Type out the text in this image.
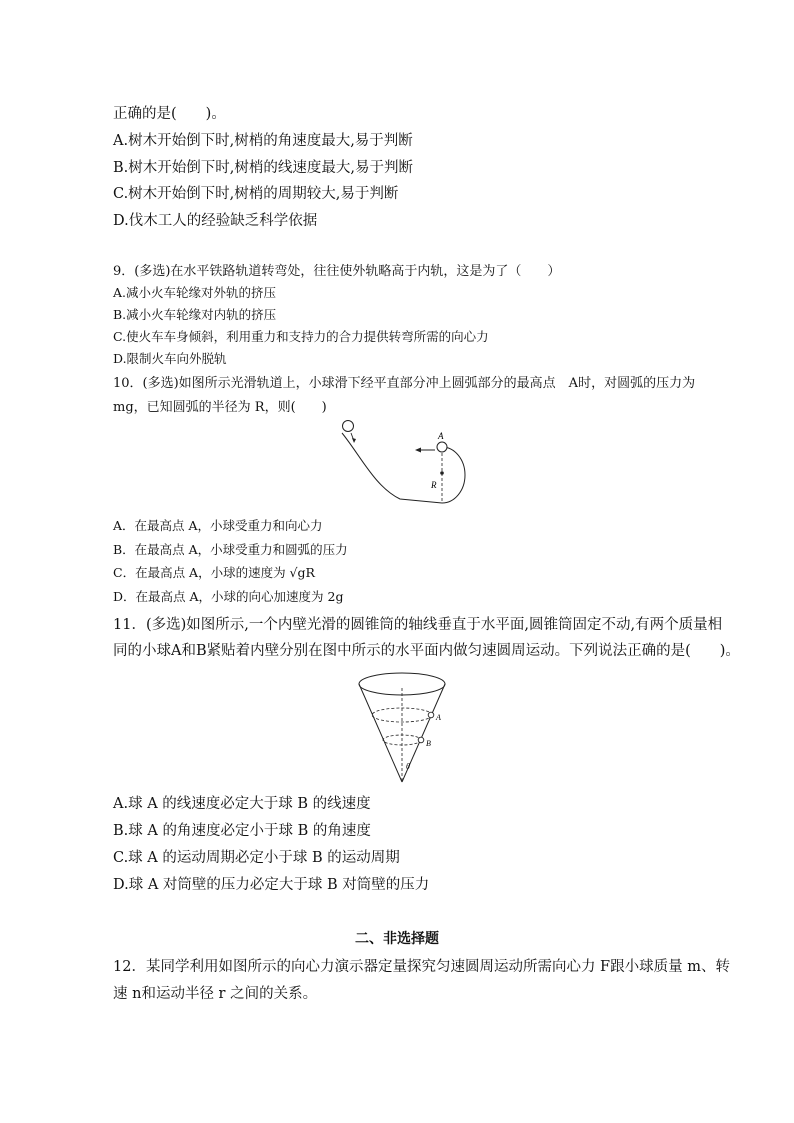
正确的是(　　)。
A.树木开始倒下时,树梢的角速度最大,易于判断
B.树木开始倒下时,树梢的线速度最大,易于判断
C.树木开始倒下时,树梢的周期较大,易于判断
D.伐木工人的经验缺乏科学依据
9．(多选)在水平铁路轨道转弯处，往往使外轨略高于内轨，这是为了（　　）
A.减小火车轮缘对外轨的挤压
B.减小火车轮缘对内轨的挤压
C.使火车车身倾斜，利用重力和支持力的合力提供转弯所需的向心力
D.限制火车向外脱轨
10．(多选)如图所示光滑轨道上，小球滑下经平直部分冲上圆弧部分的最高点　A时，对圆弧的压力为
mg，已知圆弧的半径为 R，则(　　)
A
R
A．在最高点 A，小球受重力和向心力
B．在最高点 A，小球受重力和圆弧的压力
C．在最高点 A，小球的速度为 √gR
D．在最高点 A，小球的向心加速度为 2g
11．(多选)如图所示,一个内壁光滑的圆锥筒的轴线垂直于水平面,圆锥筒固定不动,有两个质量相
同的小球A和B紧贴着内壁分别在图中所示的水平面内做匀速圆周运动。下列说法正确的是(　　)。
A
B
θ
A.球 A 的线速度必定大于球 B 的线速度
B.球 A 的角速度必定小于球 B 的角速度
C.球 A 的运动周期必定小于球 B 的运动周期
D.球 A 对筒壁的压力必定大于球 B 对筒壁的压力
二、非选择题
12．某同学利用如图所示的向心力演示器定量探究匀速圆周运动所需向心力 F跟小球质量 m、转
速 n和运动半径 r 之间的关系。
